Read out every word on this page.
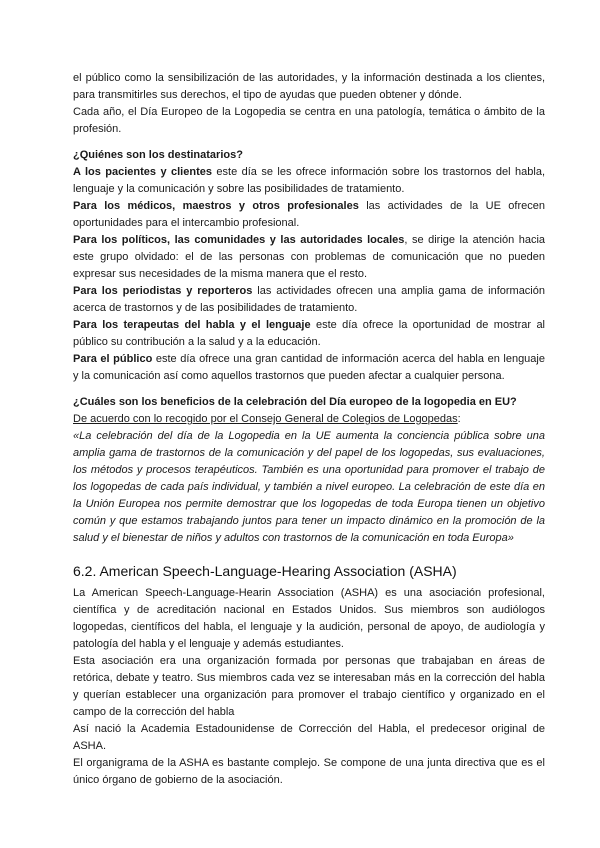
el público como la sensibilización de las autoridades, y la información destinada a los clientes, para transmitirles sus derechos, el tipo de ayudas que pueden obtener y dónde.

Cada año, el Día Europeo de la Logopedia se centra en una patología, temática o ámbito de la profesión.

¿Quiénes son los destinatarios?

A los pacientes y clientes este día se les ofrece información sobre los trastornos del habla, lenguaje y la comunicación y sobre las posibilidades de tratamiento.

Para los médicos, maestros y otros profesionales las actividades de la UE ofrecen oportunidades para el intercambio profesional.

Para los políticos, las comunidades y las autoridades locales, se dirige la atención hacia este grupo olvidado: el de las personas con problemas de comunicación que no pueden expresar sus necesidades de la misma manera que el resto.

Para los periodistas y reporteros las actividades ofrecen una amplia gama de información acerca de trastornos y de las posibilidades de tratamiento.

Para los terapeutas del habla y el lenguaje este día ofrece la oportunidad de mostrar al público su contribución a la salud y a la educación.

Para el público este día ofrece una gran cantidad de información acerca del habla en lenguaje y la comunicación así como aquellos trastornos que pueden afectar a cualquier persona.

¿Cuáles son los beneficios de la celebración del Día europeo de la logopedia en EU?

De acuerdo con lo recogido por el Consejo General de Colegios de Logopedas:

«La celebración del día de la Logopedia en la UE aumenta la conciencia pública sobre una amplia gama de trastornos de la comunicación y del papel de los logopedas, sus evaluaciones, los métodos y procesos terapéuticos. También es una oportunidad para promover el trabajo de los logopedas de cada país individual, y también a nivel europeo. La celebración de este día en la Unión Europea nos permite demostrar que los logopedas de toda Europa tienen un objetivo común y que estamos trabajando juntos para tener un impacto dinámico en la promoción de la salud y el bienestar de niños y adultos con trastornos de la comunicación en toda Europa»

6.2. American Speech-Language-Hearing Association (ASHA)

La American Speech-Language-Hearin Association (ASHA) es una asociación profesional, científica y de acreditación nacional en Estados Unidos. Sus miembros son audiólogos logopedas, científicos del habla, el lenguaje y la audición, personal de apoyo, de audiología y patología del habla y el lenguaje y además estudiantes.

Esta asociación era una organización formada por personas que trabajaban en áreas de retórica, debate y teatro. Sus miembros cada vez se interesaban más en la corrección del habla y querían establecer una organización para promover el trabajo científico y organizado en el campo de la corrección del habla

Así nació la Academia Estadounidense de Corrección del Habla, el predecesor original de ASHA.

El organigrama de la ASHA es bastante complejo. Se compone de una junta directiva que es el único órgano de gobierno de la asociación.
